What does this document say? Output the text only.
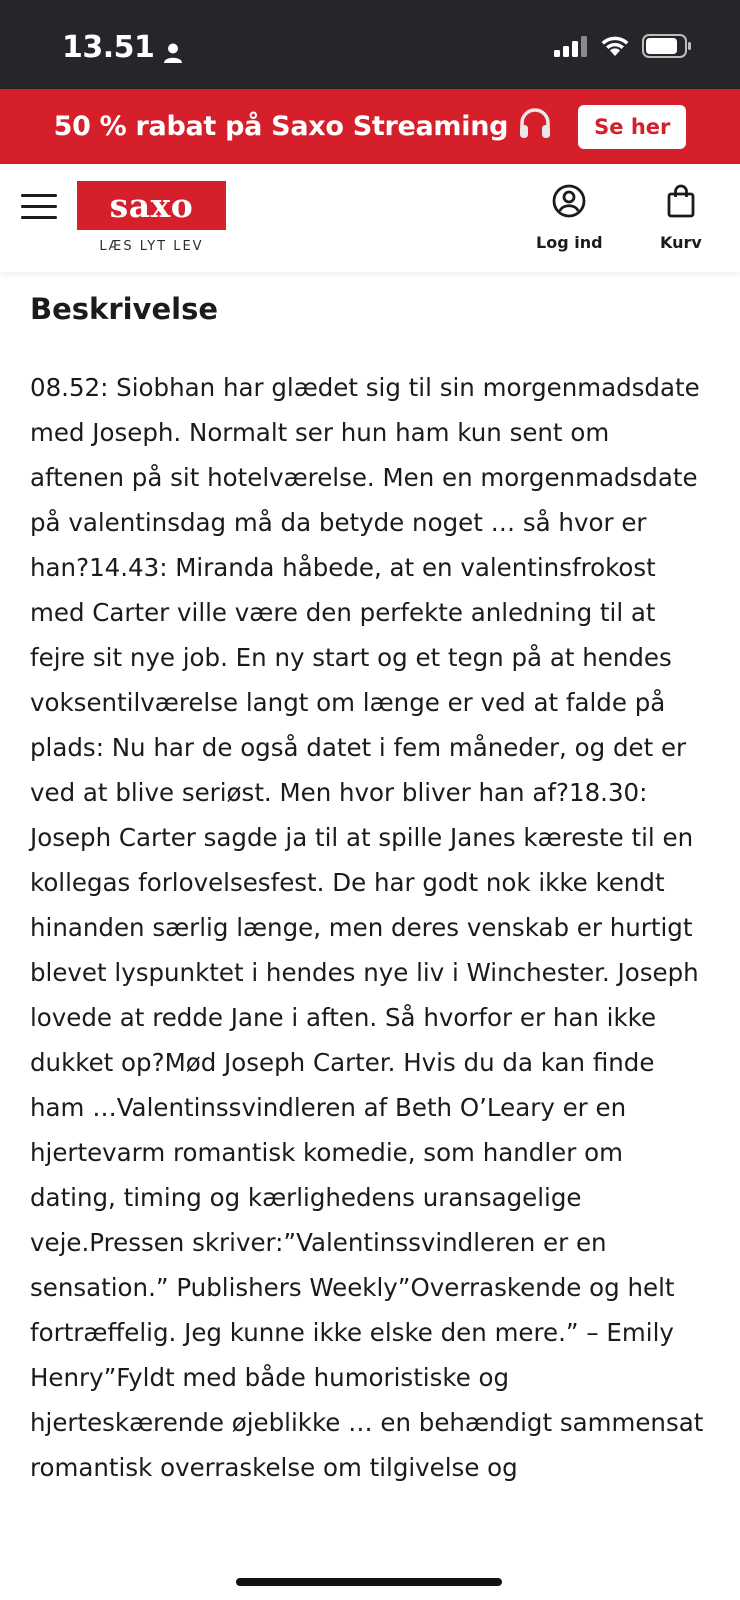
13.51
50 % rabat på Saxo Streaming	Se her
saxo
LÆS LYT LEV	Log ind	Kurv
Beskrivelse
08.52: Siobhan har glædet sig til sin morgenmadsdate med Joseph. Normalt ser hun ham kun sent om aftenen på sit hotelværelse. Men en morgenmadsdate på valentinsdag må da betyde noget … så hvor er han?14.43: Miranda håbede, at en valentinsfrokost med Carter ville være den perfekte anledning til at fejre sit nye job. En ny start og et tegn på at hendes voksentilværelse langt om længe er ved at falde på plads: Nu har de også datet i fem måneder, og det er ved at blive seriøst. Men hvor bliver han af?18.30: Joseph Carter sagde ja til at spille Janes kæreste til en kollegas forlovelsesfest. De har godt nok ikke kendt hinanden særlig længe, men deres venskab er hurtigt blevet lyspunktet i hendes nye liv i Winchester. Joseph lovede at redde Jane i aften. Så hvorfor er han ikke dukket op?Mød Joseph Carter. Hvis du da kan finde ham …Valentinssvindleren af Beth O’Leary er en hjertevarm romantisk komedie, som handler om dating, timing og kærlighedens uransagelige veje.Pressen skriver:”Valentinssvindleren er en sensation.” Publishers Weekly”Overraskende og helt fortræffelig. Jeg kunne ikke elske den mere.” – Emily Henry”Fyldt med både humoristiske og hjerteskærende øjeblikke … en behændigt sammensat romantisk overraskelse om tilgivelse og
